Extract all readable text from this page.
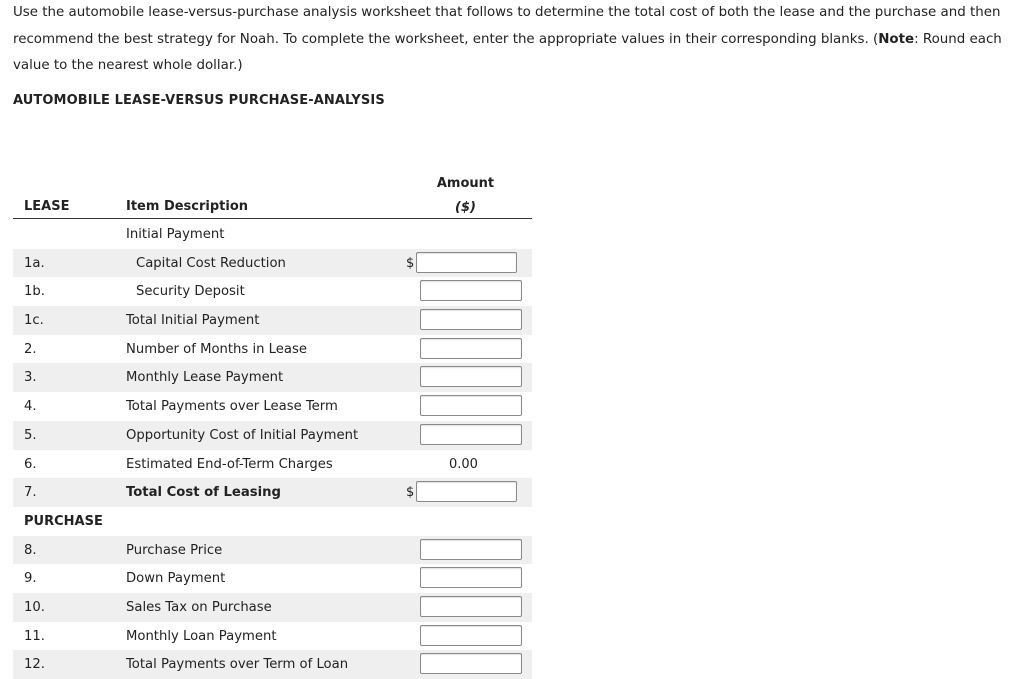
Use the automobile lease-versus-purchase analysis worksheet that follows to determine the total cost of both the lease and the purchase and then recommend the best strategy for Noah. To complete the worksheet, enter the appropriate values in their corresponding blanks. (Note: Round each value to the nearest whole dollar.)
AUTOMOBILE LEASE-VERSUS PURCHASE-ANALYSIS
Amount
($)
LEASE	Item Description
Initial Payment
1a.	Capital Cost Reduction	$
1b.	Security Deposit
1c.	Total Initial Payment
2.	Number of Months in Lease
3.	Monthly Lease Payment
4.	Total Payments over Lease Term
5.	Opportunity Cost of Initial Payment
6.	Estimated End-of-Term Charges	0.00
7.	Total Cost of Leasing	$
PURCHASE
8.	Purchase Price
9.	Down Payment
10.	Sales Tax on Purchase
11.	Monthly Loan Payment
12.	Total Payments over Term of Loan
